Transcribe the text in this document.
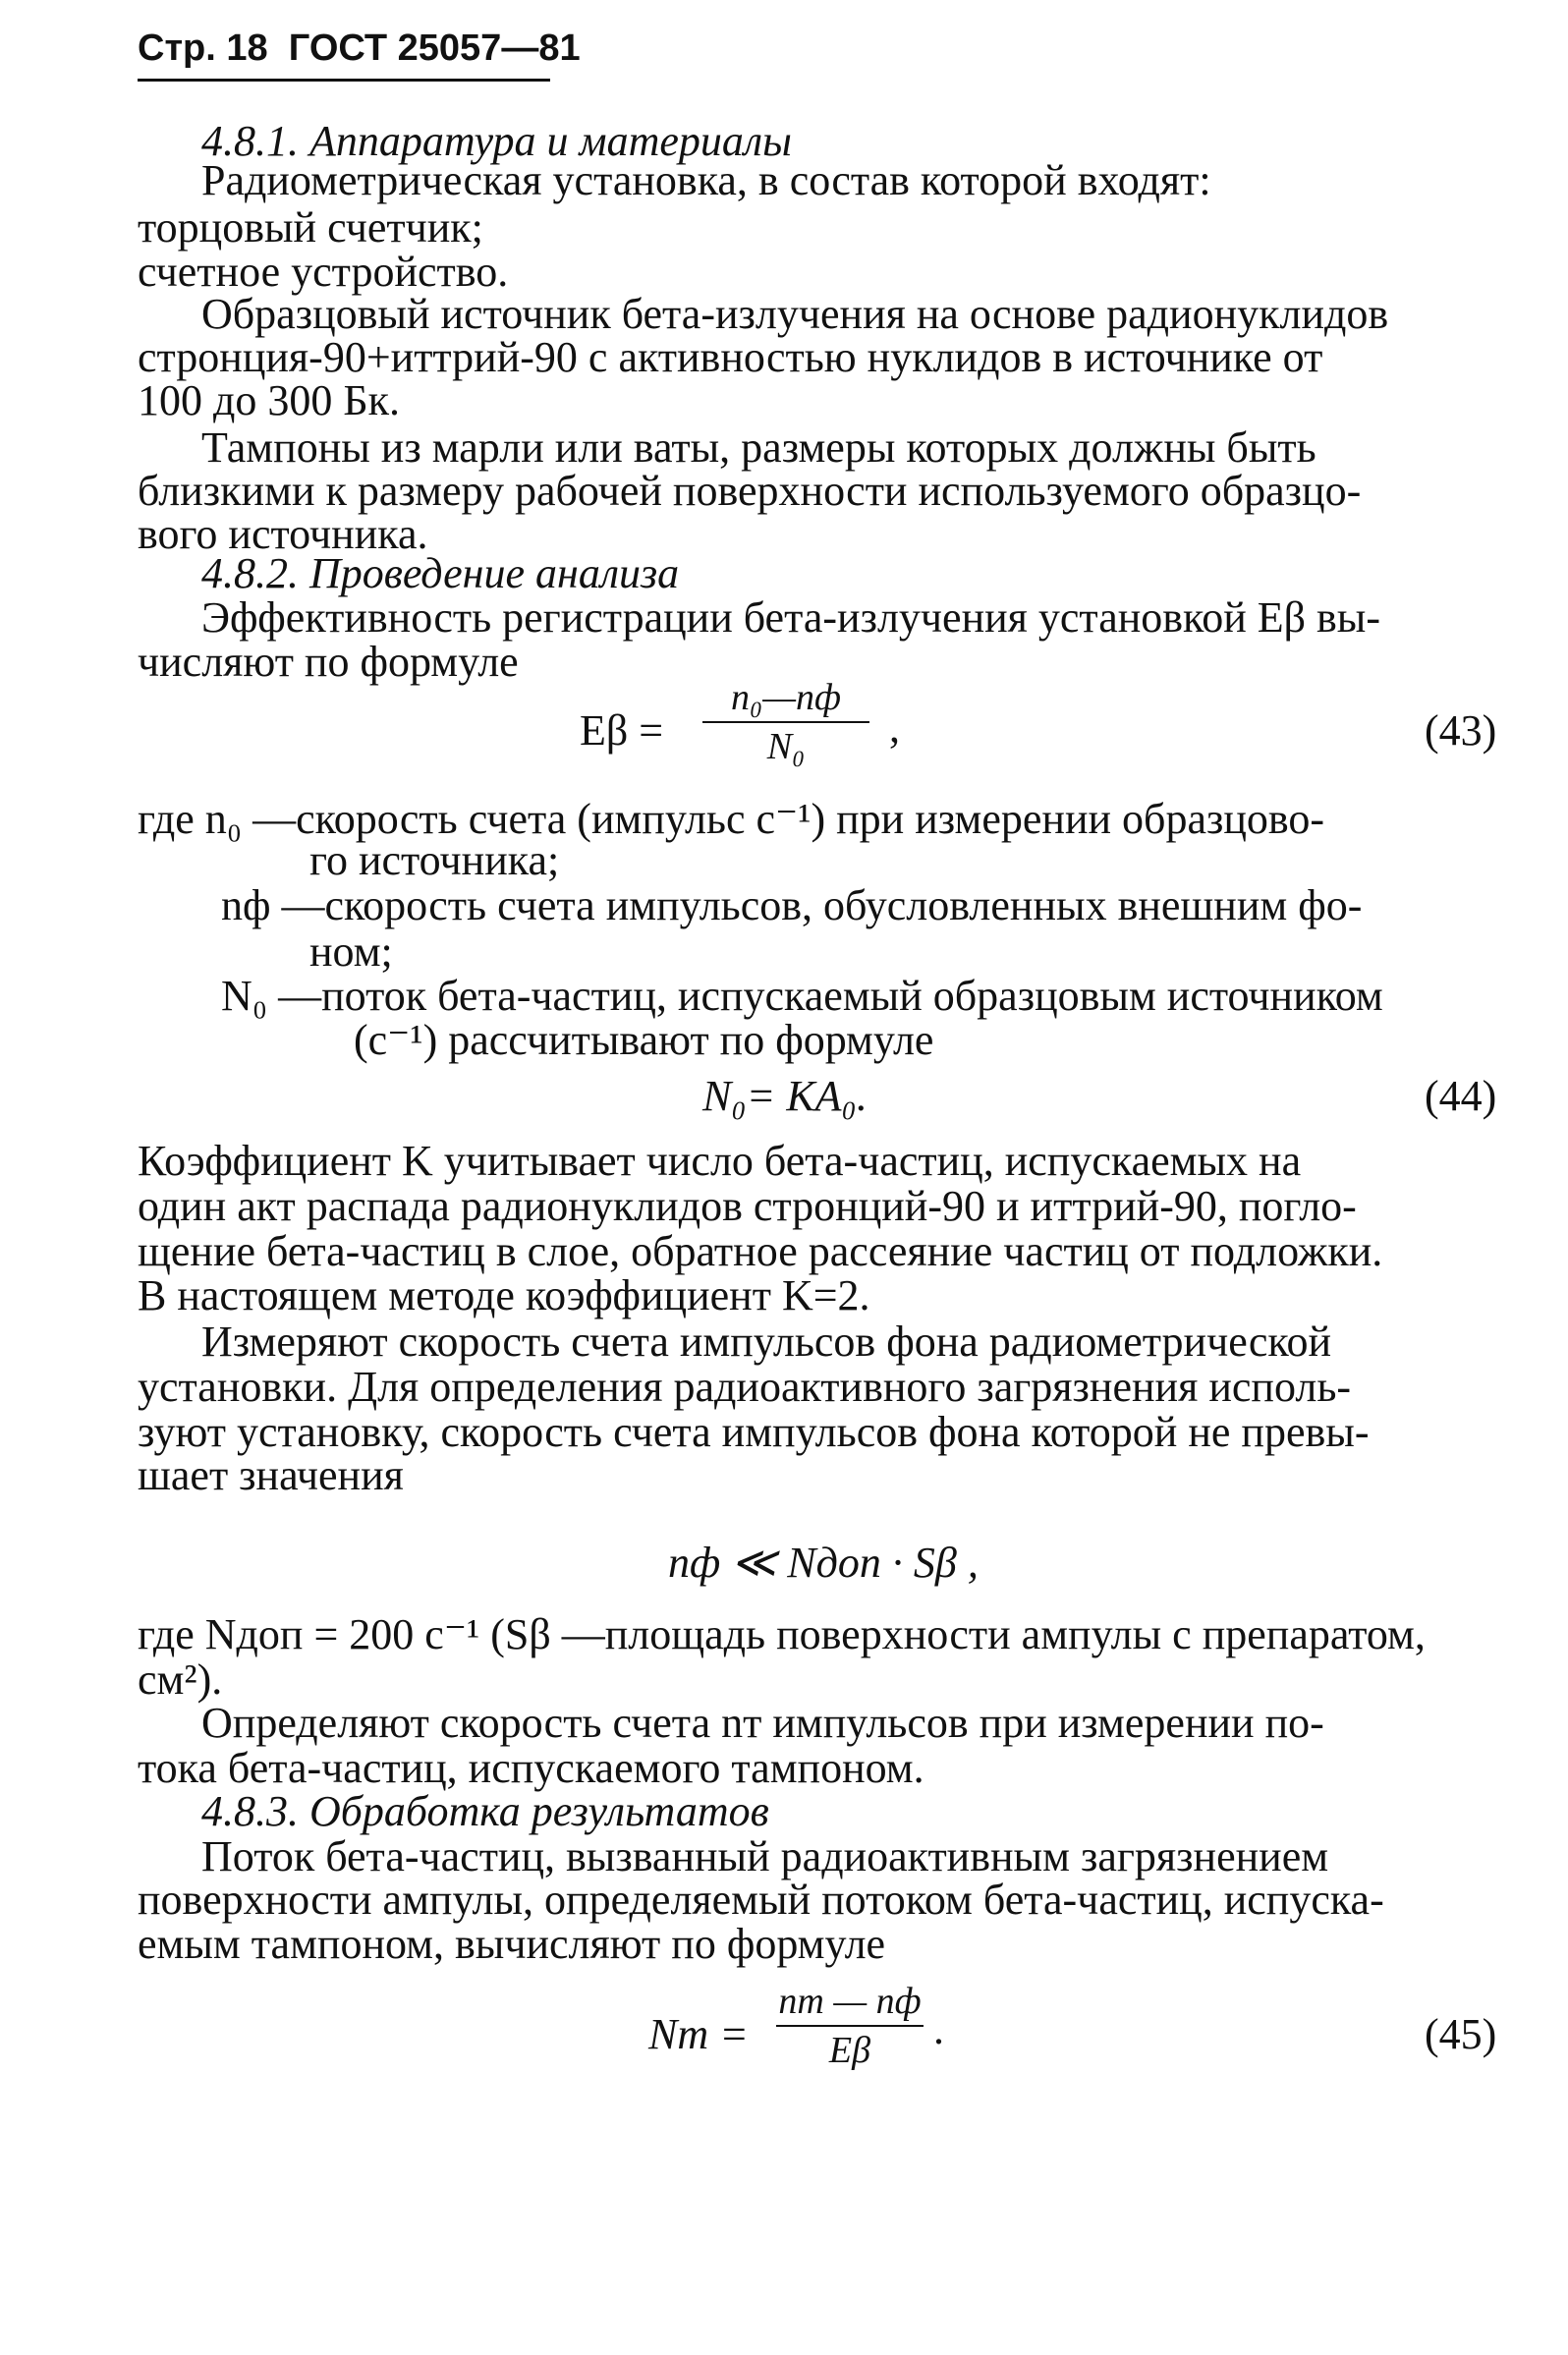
Стр. 18 ГОСТ 25057—81
4.8.1. Аппаратура и материалы
Радиометрическая установка, в состав которой входят:
торцовый счетчик;
счетное устройство.
Образцовый источник бета-излучения на основе радионуклидов
стронция-90+иттрий-90 с активностью нуклидов в источнике от
100 до 300 Бк.
Тампоны из марли или ваты, размеры которых должны быть
близкими к размеру рабочей поверхности используемого образцо-
вого источника.
4.8.2. Проведение анализа
Эффективность регистрации бета-излучения установкой Eβ вы-
числяют по формуле
Eβ =
n₀—nф
N₀ ,	(43)
где n₀ —скорость счета (импульс с⁻¹) при измерении образцово-
го источника;
nф —скорость счета импульсов, обусловленных внешним фо-
ном;
N₀ —поток бета-частиц, испускаемый образцовым источником
(с⁻¹) рассчитывают по формуле
N₀= KA₀.	(44)
Коэффициент K учитывает число бета-частиц, испускаемых на
один акт распада радионуклидов стронций-90 и иттрий-90, погло-
щение бета-частиц в слое, обратное рассеяние частиц от подложки.
В настоящем методе коэффициент K=2.
Измеряют скорость счета импульсов фона радиометрической
установки. Для определения радиоактивного загрязнения исполь-
зуют установку, скорость счета импульсов фона которой не превы-
шает значения
nф ≪ Nдоп · Sβ ,
где Nдоп = 200 с⁻¹ (Sβ —площадь поверхности ампулы с препаратом,
см²).
Определяют скорость счета nт импульсов при измерении по-
тока бета-частиц, испускаемого тампоном.
4.8.3. Обработка результатов
Поток бета-частиц, вызванный радиоактивным загрязнением
поверхности ампулы, определяемый потоком бета-частиц, испуска-
емым тампоном, вычисляют по формуле
Nт =
nт — nф
Eβ .	(45)
